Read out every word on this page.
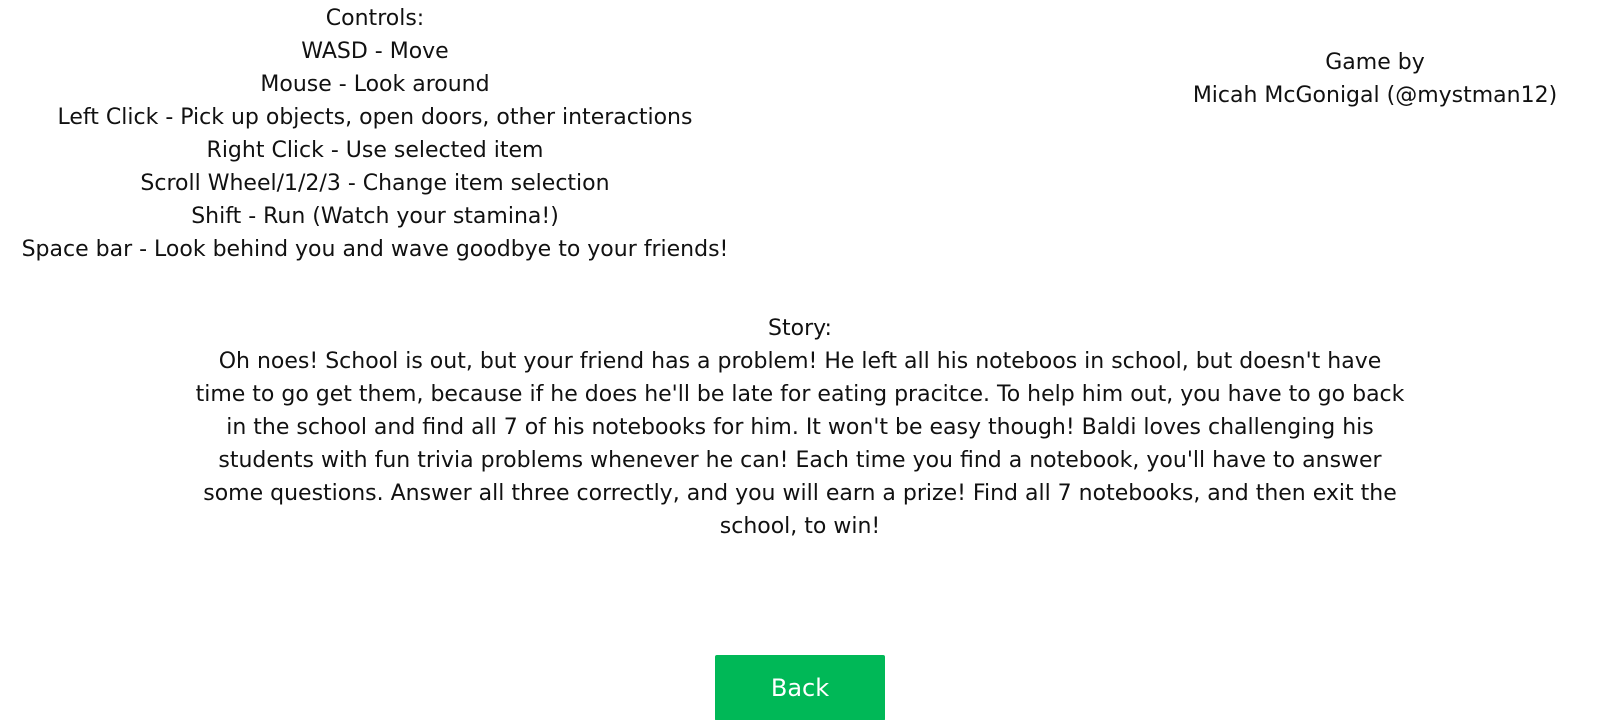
Controls:
WASD - Move
Mouse - Look around
Left Click - Pick up objects, open doors, other interactions
Right Click - Use selected item
Scroll Wheel/1/2/3 - Change item selection
Shift - Run (Watch your stamina!)
Space bar - Look behind you and wave goodbye to your friends!
Game by
Micah McGonigal (@mystman12)
Story:
Oh noes! School is out, but your friend has a problem! He left all his noteboos in school, but doesn't have time to go get them, because if he does he'll be late for eating pracitce. To help him out, you have to go back in the school and find all 7 of his notebooks for him. It won't be easy though! Baldi loves challenging his students with fun trivia problems whenever he can! Each time you find a notebook, you'll have to answer some questions. Answer all three correctly, and you will earn a prize! Find all 7 notebooks, and then exit the school, to win!
Back
